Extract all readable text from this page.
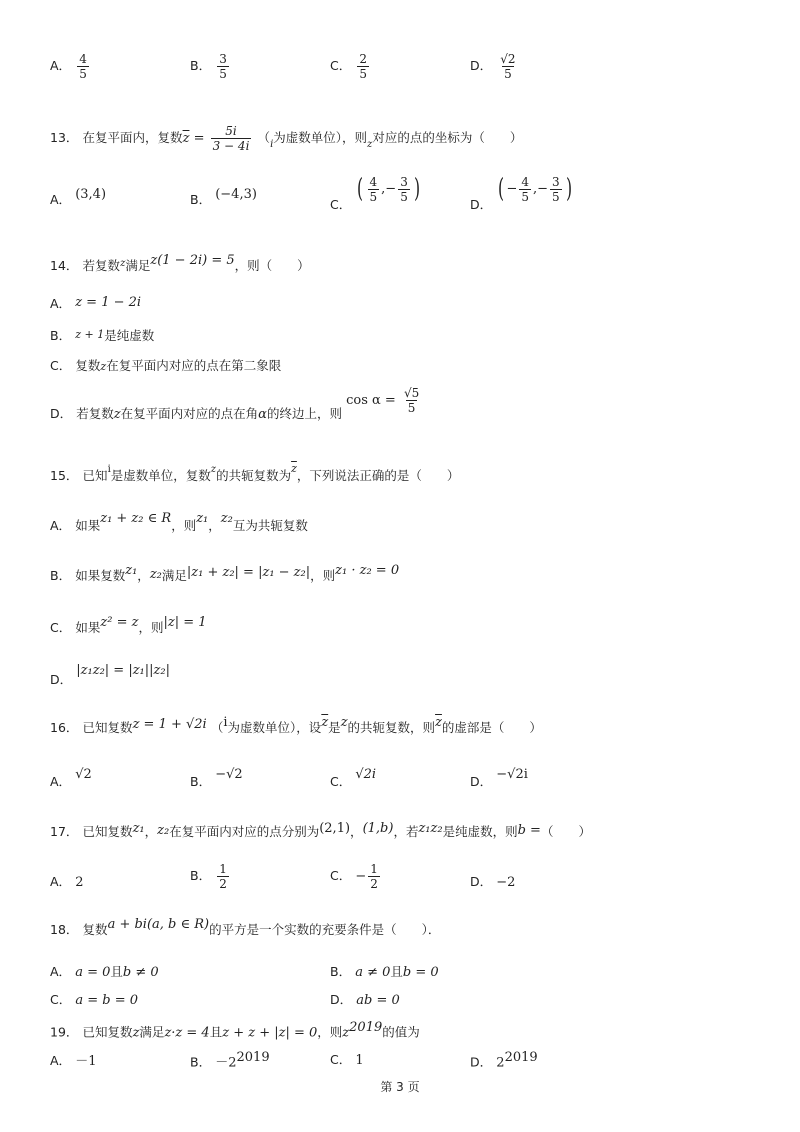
A． $\frac{4}{5}$	B． $\frac{3}{5}$	C． $\frac{2}{5}$	D． $\frac{√2}{5}$
13． 在复平面内，复数$\overline{z} = \frac{5i}{3 - 4i} (_i$为虚数单位），则$_z$对应的点的坐标为（　　）
A． (3,4)	B． (−4,3)
C． ( $\frac{4}{5}$ ,− $\frac{3}{5}$ )	D． ( − $\frac{4}{5}$ ,− $\frac{3}{5}$ )
14． 若复数$^z$满足z(1 − 2i) = 5，则（　　）
A． z = 1 − 2i
B． z + 1是纯虚数
C． 复数z在复平面内对应的点在第二象限
D． 若复数z在复平面内对应的点在角α的终边上，则 $\cos \alpha = \frac{√5}{5}$
15． 已知$^i$是虚数单位，复数$^z$的共轭复数为$^{\overline{z}}$，下列说法正确的是（　　）
A． 如果z₁ + z₂ ∈ R，则z₁，z₂互为共轭复数
B． 如果复数z₁，z₂满足|z₁ + z₂| = |z₁ − z₂|，则z₁ · z₂ = 0
C． 如果z² = z，则|z| = 1
D． |z₁z₂| = |z₁||z₂|
16． 已知复数z = 1 + √2i （i为虚数单位），设$\overline{z}$是z的共轭复数，则$\overline{z}$的虚部是（　　）
A． √2	B． −√2	C． √2i	D． −√2i
17． 已知复数z₁，z₂在复平面内对应的点分别为(2,1)，(1,b)，若z₁z₂是纯虚数，则b =（　　）
A． 2	B． $\frac{1}{2}$	C． − $\frac{1}{2}$	D． −2
18． 复数a + bi(a, b ∈ R)的平方是一个实数的充要条件是（　　）．
A． a = 0且b ≠ 0	B． a ≠ 0且b = 0
C． a = b = 0	D． ab = 0
19． 已知复数z满足z·z = 4且z + z + |z| = 0，则$z^{2019}$的值为
A． －1	B． $-2^{2019}$	C． 1	D． $2^{2019}$
第 3 页
